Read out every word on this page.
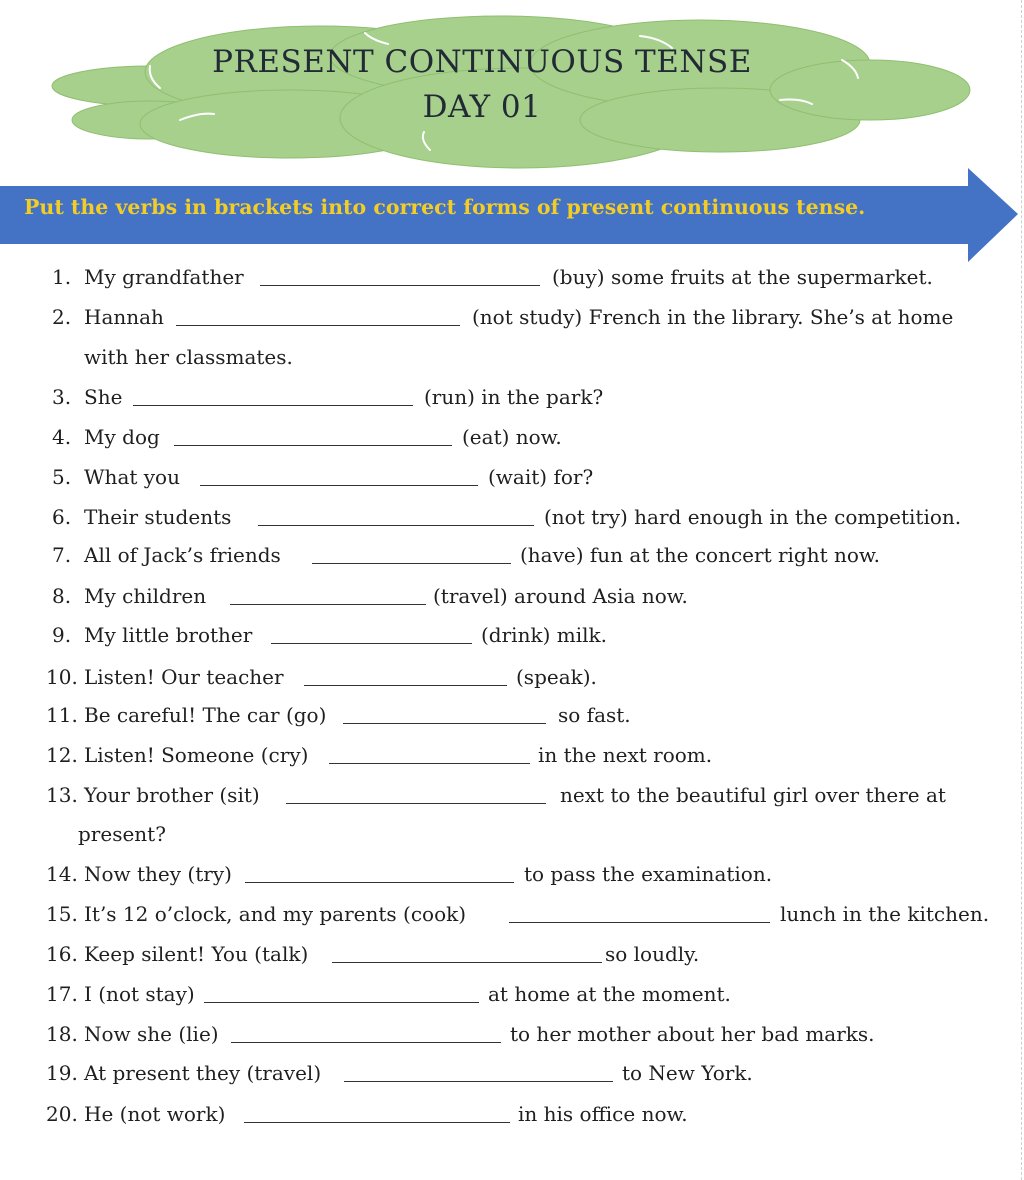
PRESENT CONTINUOUS TENSE
DAY 01
Put the verbs in brackets into correct forms of present continuous tense.
1. My grandfather	(buy) some fruits at the supermarket.
2. Hannah	(not study) French in the library. She’s at home
with her classmates.
3. She	(run) in the park?
4. My dog	(eat) now.
5. What you	(wait) for?
6. Their students	(not try) hard enough in the competition.
7. All of Jack’s friends	(have) fun at the concert right now.
8. My children	(travel) around Asia now.
9. My little brother	(drink) milk.
10. Listen! Our teacher	(speak).
11. Be careful! The car (go)	so fast.
12. Listen! Someone (cry)	in the next room.
13. Your brother (sit)	next to the beautiful girl over there at
present?
14. Now they (try)	to pass the examination.
15. It’s 12 o’clock, and my parents (cook)	lunch in the kitchen.
16. Keep silent! You (talk)	so loudly.
17. I (not stay)	at home at the moment.
18. Now she (lie)	to her mother about her bad marks.
19. At present they (travel)	to New York.
20. He (not work)	in his office now.
